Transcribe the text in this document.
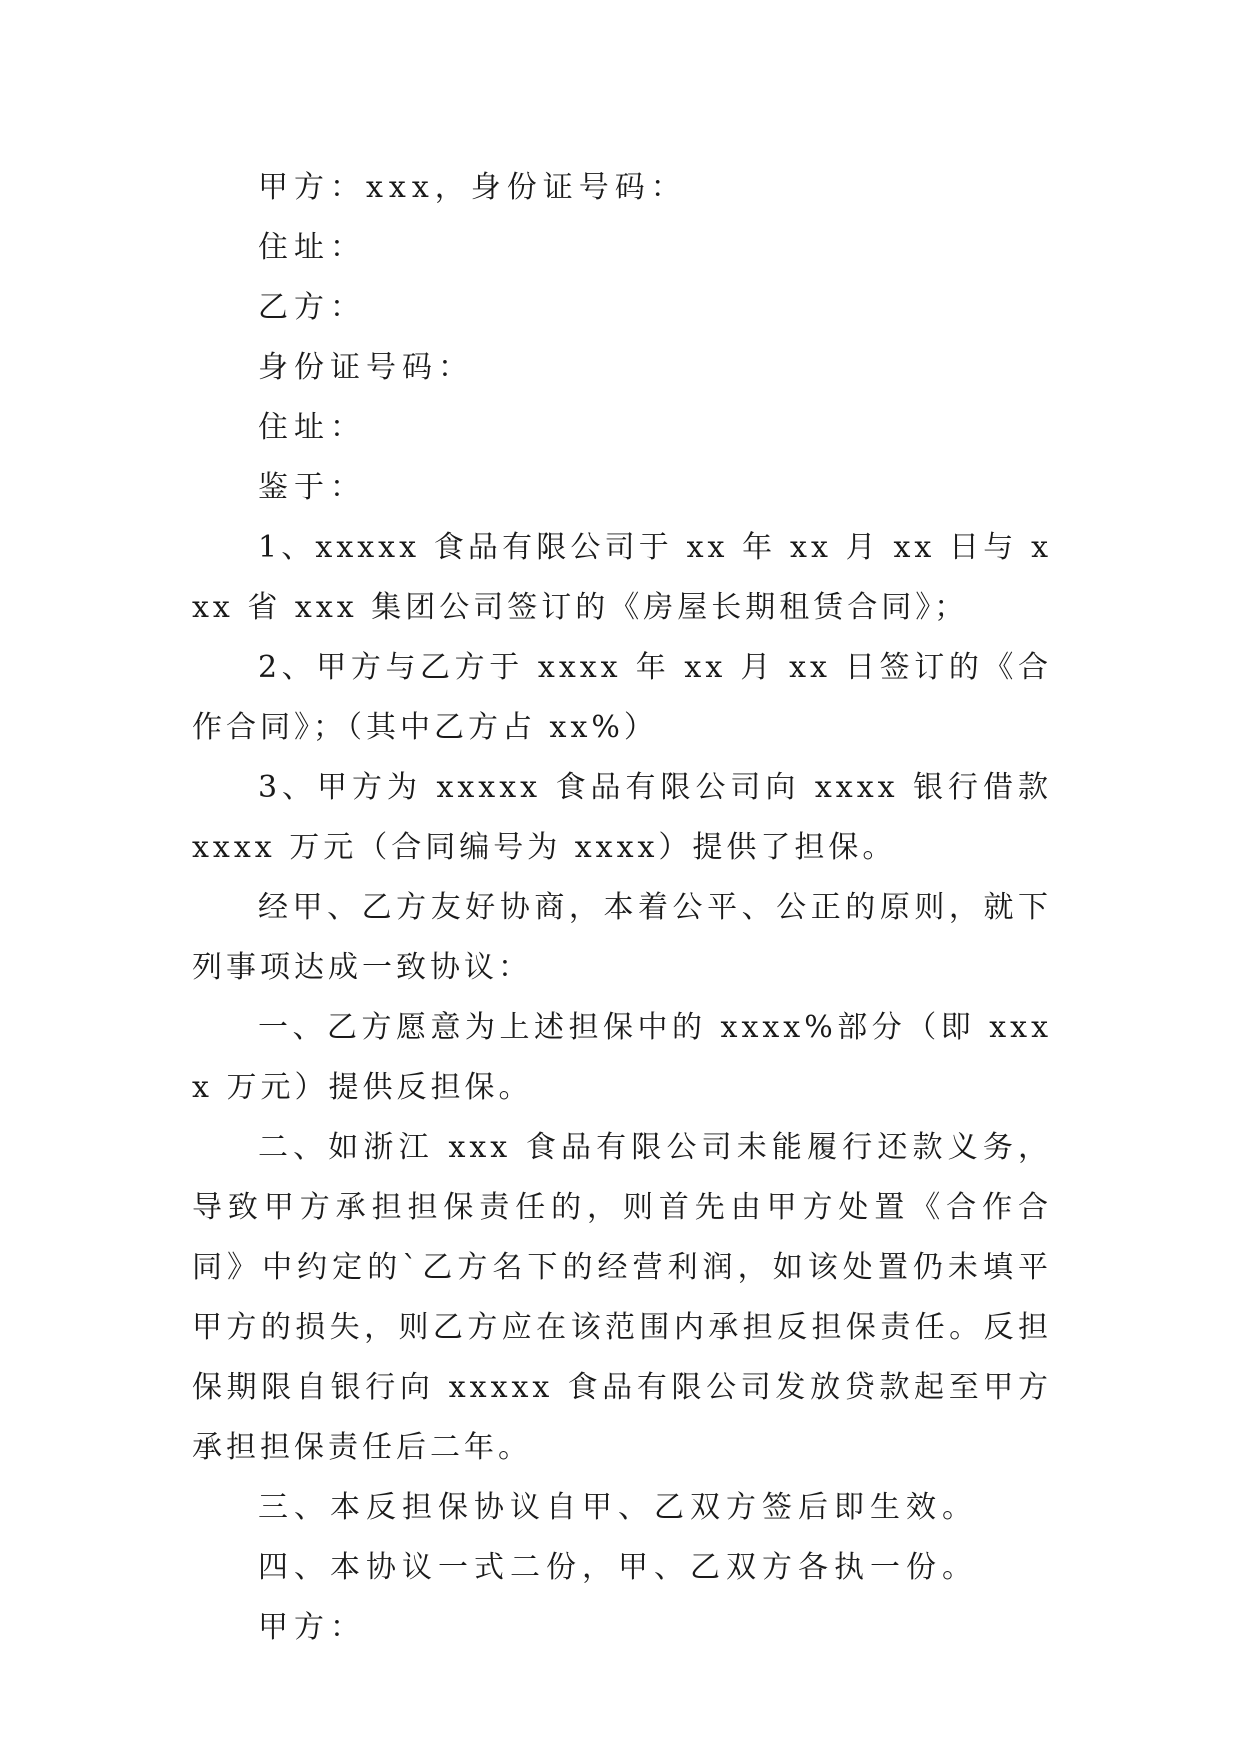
甲方：xxx，身份证号码：

住址：

乙方：

身份证号码：

住址：

鉴于：

1、xxxxx 食品有限公司于 xx 年 xx 月 xx 日与 xxx 省 xxx 集团公司签订的《房屋长期租赁合同》；

2、甲方与乙方于 xxxx 年 xx 月 xx 日签订的《合作合同》；（其中乙方占 xx%）

3、甲方为 xxxxx 食品有限公司向 xxxx 银行借款 xxxx 万元（合同编号为 xxxx）提供了担保。

经甲、乙方友好协商，本着公平、公正的原则，就下列事项达成一致协议：

一、乙方愿意为上述担保中的 xxxx%部分（即 xxxx 万元）提供反担保。

二、如浙江 xxx 食品有限公司未能履行还款义务，导致甲方承担担保责任的，则首先由甲方处置《合作合同》中约定的`乙方名下的经营利润，如该处置仍未填平甲方的损失，则乙方应在该范围内承担反担保责任。反担保期限自银行向 xxxxx 食品有限公司发放贷款起至甲方承担担保责任后二年。

三、本反担保协议自甲、乙双方签后即生效。

四、本协议一式二份，甲、乙双方各执一份。

甲方：
